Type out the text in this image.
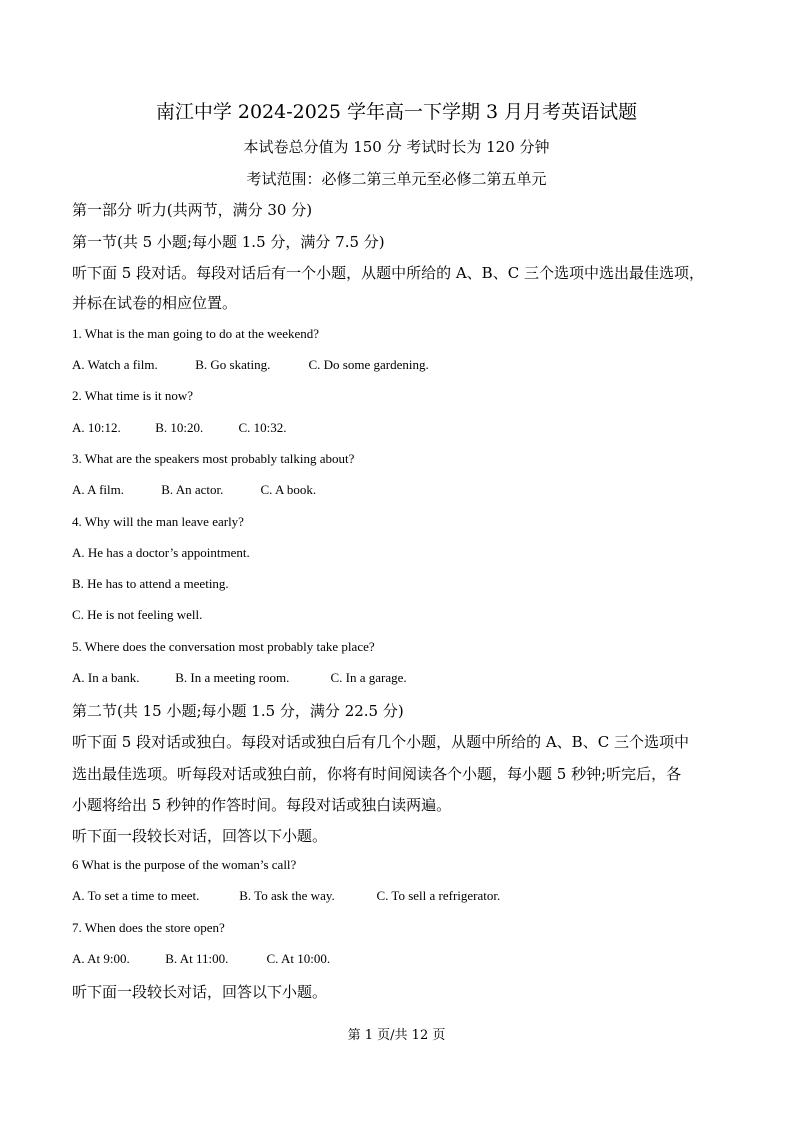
南江中学 2024-2025 学年高一下学期 3 月月考英语试题
本试卷总分值为 150 分 考试时长为 120 分钟
考试范围：必修二第三单元至必修二第五单元
第一部分 听力(共两节，满分 30 分)
第一节(共 5 小题;每小题 1.5 分，满分 7.5 分)
听下面 5 段对话。每段对话后有一个小题，从题中所给的 A、B、C 三个选项中选出最佳选项，
并标在试卷的相应位置。
1. What is the man going to do at the weekend?
A. Watch a film.	B. Go skating.	C. Do some gardening.
2. What time is it now?
A. 10:12.	B. 10:20.	C. 10:32.
3. What are the speakers most probably talking about?
A. A film.	B. An actor.	C. A book.
4. Why will the man leave early?
A. He has a doctor’s appointment.
B. He has to attend a meeting.
C. He is not feeling well.
5. Where does the conversation most probably take place?
A. In a bank.	B. In a meeting room.	C. In a garage.
第二节(共 15 小题;每小题 1.5 分，满分 22.5 分)
听下面 5 段对话或独白。每段对话或独白后有几个小题，从题中所给的 A、B、C 三个选项中
选出最佳选项。听每段对话或独白前，你将有时间阅读各个小题，每小题 5 秒钟;听完后，各
小题将给出 5 秒钟的作答时间。每段对话或独白读两遍。
听下面一段较长对话，回答以下小题。
6 What is the purpose of the woman’s call?
A. To set a time to meet.	B. To ask the way.	C. To sell a refrigerator.
7. When does the store open?
A. At 9:00.	B. At 11:00.	C. At 10:00.
听下面一段较长对话，回答以下小题。
第 1 页/共 12 页
